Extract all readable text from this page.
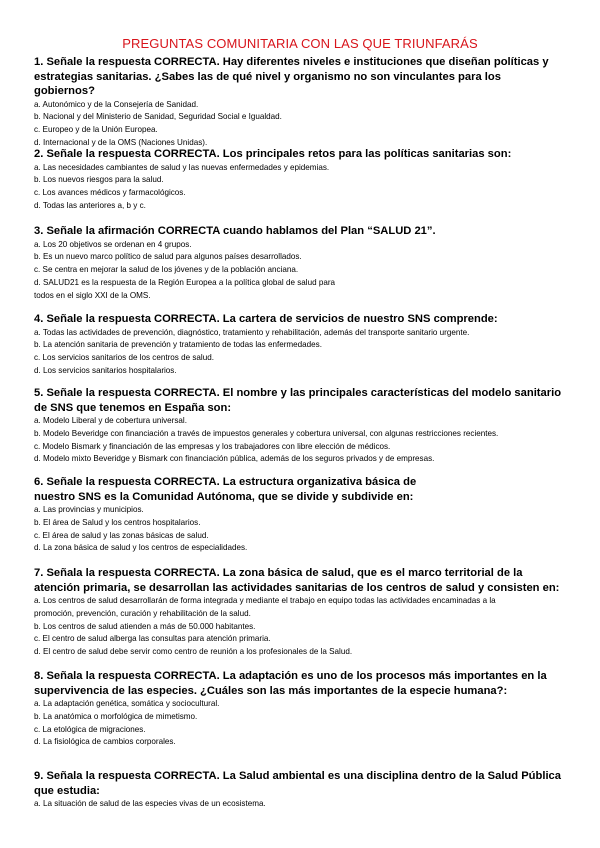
PREGUNTAS COMUNITARIA CON LAS QUE TRIUNFARÁS
1. Señale la respuesta CORRECTA. Hay diferentes niveles e instituciones que diseñan políticas y estrategias sanitarias. ¿Sabes las de qué nivel y organismo no son vinculantes para los gobiernos?
a. Autonómico y de la Consejería de Sanidad.
b. Nacional y del Ministerio de Sanidad, Seguridad Social e Igualdad.
c. Europeo y de la Unión Europea.
d. Internacional y de la OMS (Naciones Unidas).
2. Señale la respuesta CORRECTA. Los principales retos para las políticas sanitarias son:
a. Las necesidades cambiantes de salud y las nuevas enfermedades y epidemias.
b. Los nuevos riesgos para la salud.
c. Los avances médicos y farmacológicos.
d. Todas las anteriores a, b y c.
3. Señale la afirmación CORRECTA cuando hablamos del Plan “SALUD 21”.
a. Los 20 objetivos se ordenan en 4 grupos.
b. Es un nuevo marco político de salud para algunos países desarrollados.
c. Se centra en mejorar la salud de los jóvenes y de la población anciana.
d. SALUD21 es la respuesta de la Región Europea a la política global de salud para
todos en el siglo XXI de la OMS.
4. Señale la respuesta CORRECTA. La cartera de servicios de nuestro SNS comprende:
a. Todas las actividades de prevención, diagnóstico, tratamiento y rehabilitación, además del transporte sanitario urgente.
b. La atención sanitaria de prevención y tratamiento de todas las enfermedades.
c. Los servicios sanitarios de los centros de salud.
d. Los servicios sanitarios hospitalarios.
5. Señale la respuesta CORRECTA. El nombre y las principales características del modelo sanitario de SNS que tenemos en España son:
a. Modelo Liberal y de cobertura universal.
b. Modelo Beveridge con financiación a través de impuestos generales y cobertura universal, con algunas restricciones recientes.
c. Modelo Bismark y financiación de las empresas y los trabajadores con libre elección de médicos.
d. Modelo mixto Beveridge y Bismark con financiación pública, además de los seguros privados y de empresas.
6. Señale la respuesta CORRECTA. La estructura organizativa básica de nuestro SNS es la Comunidad Autónoma, que se divide y subdivide en:
a. Las provincias y municipios.
b. El área de Salud y los centros hospitalarios.
c. El área de salud y las zonas básicas de salud.
d. La zona básica de salud y los centros de especialidades.
7. Señala la respuesta CORRECTA. La zona básica de salud, que es el marco territorial de la atención primaria, se desarrollan las actividades sanitarias de los centros de salud y consisten en:
a. Los centros de salud desarrollarán de forma integrada y mediante el trabajo en equipo todas las actividades encaminadas a la
promoción, prevención, curación y rehabilitación de la salud.
b. Los centros de salud atienden a más de 50.000 habitantes.
c. El centro de salud alberga las consultas para atención primaria.
d. El centro de salud debe servir como centro de reunión a los profesionales de la Salud.
8. Señala la respuesta CORRECTA. La adaptación es uno de los procesos más importantes en la supervivencia de las especies. ¿Cuáles son las más importantes de la especie humana?:
a. La adaptación genética, somática y sociocultural.
b. La anatómica o morfológica de mimetismo.
c. La etológica de migraciones.
d. La fisiológica de cambios corporales.
9. Señala la respuesta CORRECTA. La Salud ambiental es una disciplina dentro de la Salud Pública que estudia:
a. La situación de salud de las especies vivas de un ecosistema.
